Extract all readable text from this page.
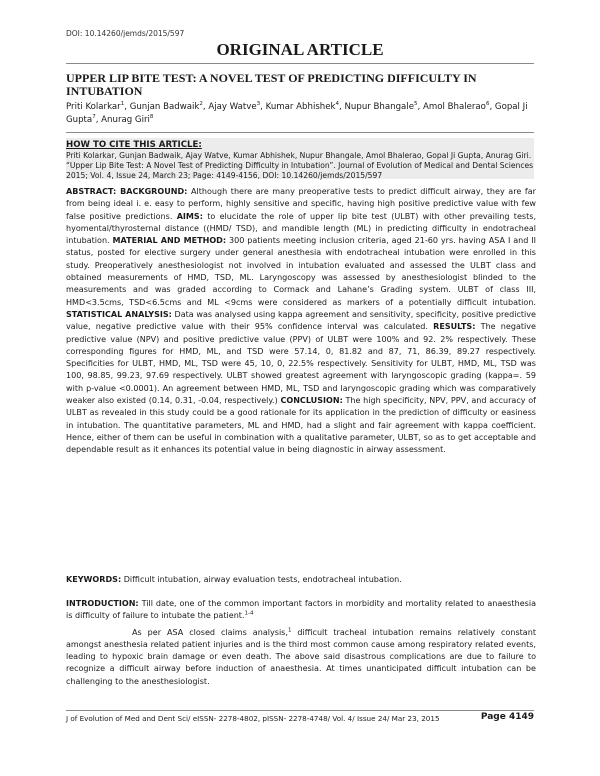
DOI: 10.14260/jemds/2015/597
ORIGINAL ARTICLE
UPPER LIP BITE TEST: A NOVEL TEST OF PREDICTING DIFFICULTY IN INTUBATION
Priti Kolarkar$^1$, Gunjan Badwaik$^2$, Ajay Watve$^3$, Kumar Abhishek$^4$, Nupur Bhangale$^5$, Amol Bhalerao$^6$, Gopal Ji Gupta$^7$, Anurag Giri$^8$
HOW TO CITE THIS ARTICLE:
Priti Kolarkar, Gunjan Badwaik, Ajay Watve, Kumar Abhishek, Nupur Bhangale, Amol Bhalerao, Gopal Ji Gupta, Anurag Giri. “Upper Lip Bite Test: A Novel Test of Predicting Difficulty in Intubation”. Journal of Evolution of Medical and Dental Sciences 2015; Vol. 4, Issue 24, March 23; Page: 4149-4156, DOI: 10.14260/jemds/2015/597
ABSTRACT: BACKGROUND: Although there are many preoperative tests to predict difficult airway, they are far from being ideal i. e. easy to perform, highly sensitive and specific, having high positive predictive value with few false positive predictions. AIMS: to elucidate the role of upper lip bite test (ULBT) with other prevailing tests, hyomental/thyrosternal distance ((HMD/ TSD), and mandible length (ML) in predicting difficulty in endotracheal intubation. MATERIAL AND METHOD: 300 patients meeting inclusion criteria, aged 21-60 yrs. having ASA I and II status, posted for elective surgery under general anesthesia with endotracheal intubation were enrolled in this study. Preoperatively anesthesiologist not involved in intubation evaluated and assessed the ULBT class and obtained measurements of HMD, TSD, ML. Laryngoscopy was assessed by anesthesiologist blinded to the measurements and was graded according to Cormack and Lahane’s Grading system. ULBT of class III, HMD<3.5cms, TSD<6.5cms and ML <9cms were considered as markers of a potentially difficult intubation. STATISTICAL ANALYSIS: Data was analysed using kappa agreement and sensitivity, specificity, positive predictive value, negative predictive value with their 95% confidence interval was calculated. RESULTS: The negative predictive value (NPV) and positive predictive value (PPV) of ULBT were 100% and 92. 2% respectively. These corresponding figures for HMD, ML, and TSD were 57.14, 0, 81.82 and 87, 71, 86.39, 89.27 respectively. Specificities for ULBT, HMD, ML, TSD were 45, 10, 0, 22.5% respectively. Sensitivity for ULBT, HMD, ML, TSD was 100, 98.85, 99.23, 97.69 respectively. ULBT showed greatest agreement with laryngoscopic grading (kappa=. 59 with p-value <0.0001). An agreement between HMD, ML, TSD and laryngoscopic grading which was comparatively weaker also existed (0.14, 0.31, -0.04, respectively.) CONCLUSION: The high specificity, NPV, PPV, and accuracy of ULBT as revealed in this study could be a good rationale for its application in the prediction of difficulty or easiness in intubation. The quantitative parameters, ML and HMD, had a slight and fair agreement with kappa coefficient. Hence, either of them can be useful in combination with a qualitative parameter, ULBT, so as to get acceptable and dependable result as it enhances its potential value in being diagnostic in airway assessment.
KEYWORDS: Difficult intubation, airway evaluation tests, endotracheal intubation.

INTRODUCTION: Till date, one of the common important factors in morbidity and mortality related to anaesthesia is difficulty of failure to intubate the patient.$^{1-4}$

As per ASA closed claims analysis,$^1$ difficult tracheal intubation remains relatively constant amongst anesthesia related patient injuries and is the third most common cause among respiratory related events, leading to hypoxic brain damage or even death. The above said disastrous complications are due to failure to recognize a difficult airway before induction of anaesthesia. At times unanticipated difficult intubation can be challenging to the anesthesiologist.

J of Evolution of Med and Dent Sci/ eISSN- 2278-4802, pISSN- 2278-4748/ Vol. 4/ Issue 24/ Mar 23, 2015	Page 4149
